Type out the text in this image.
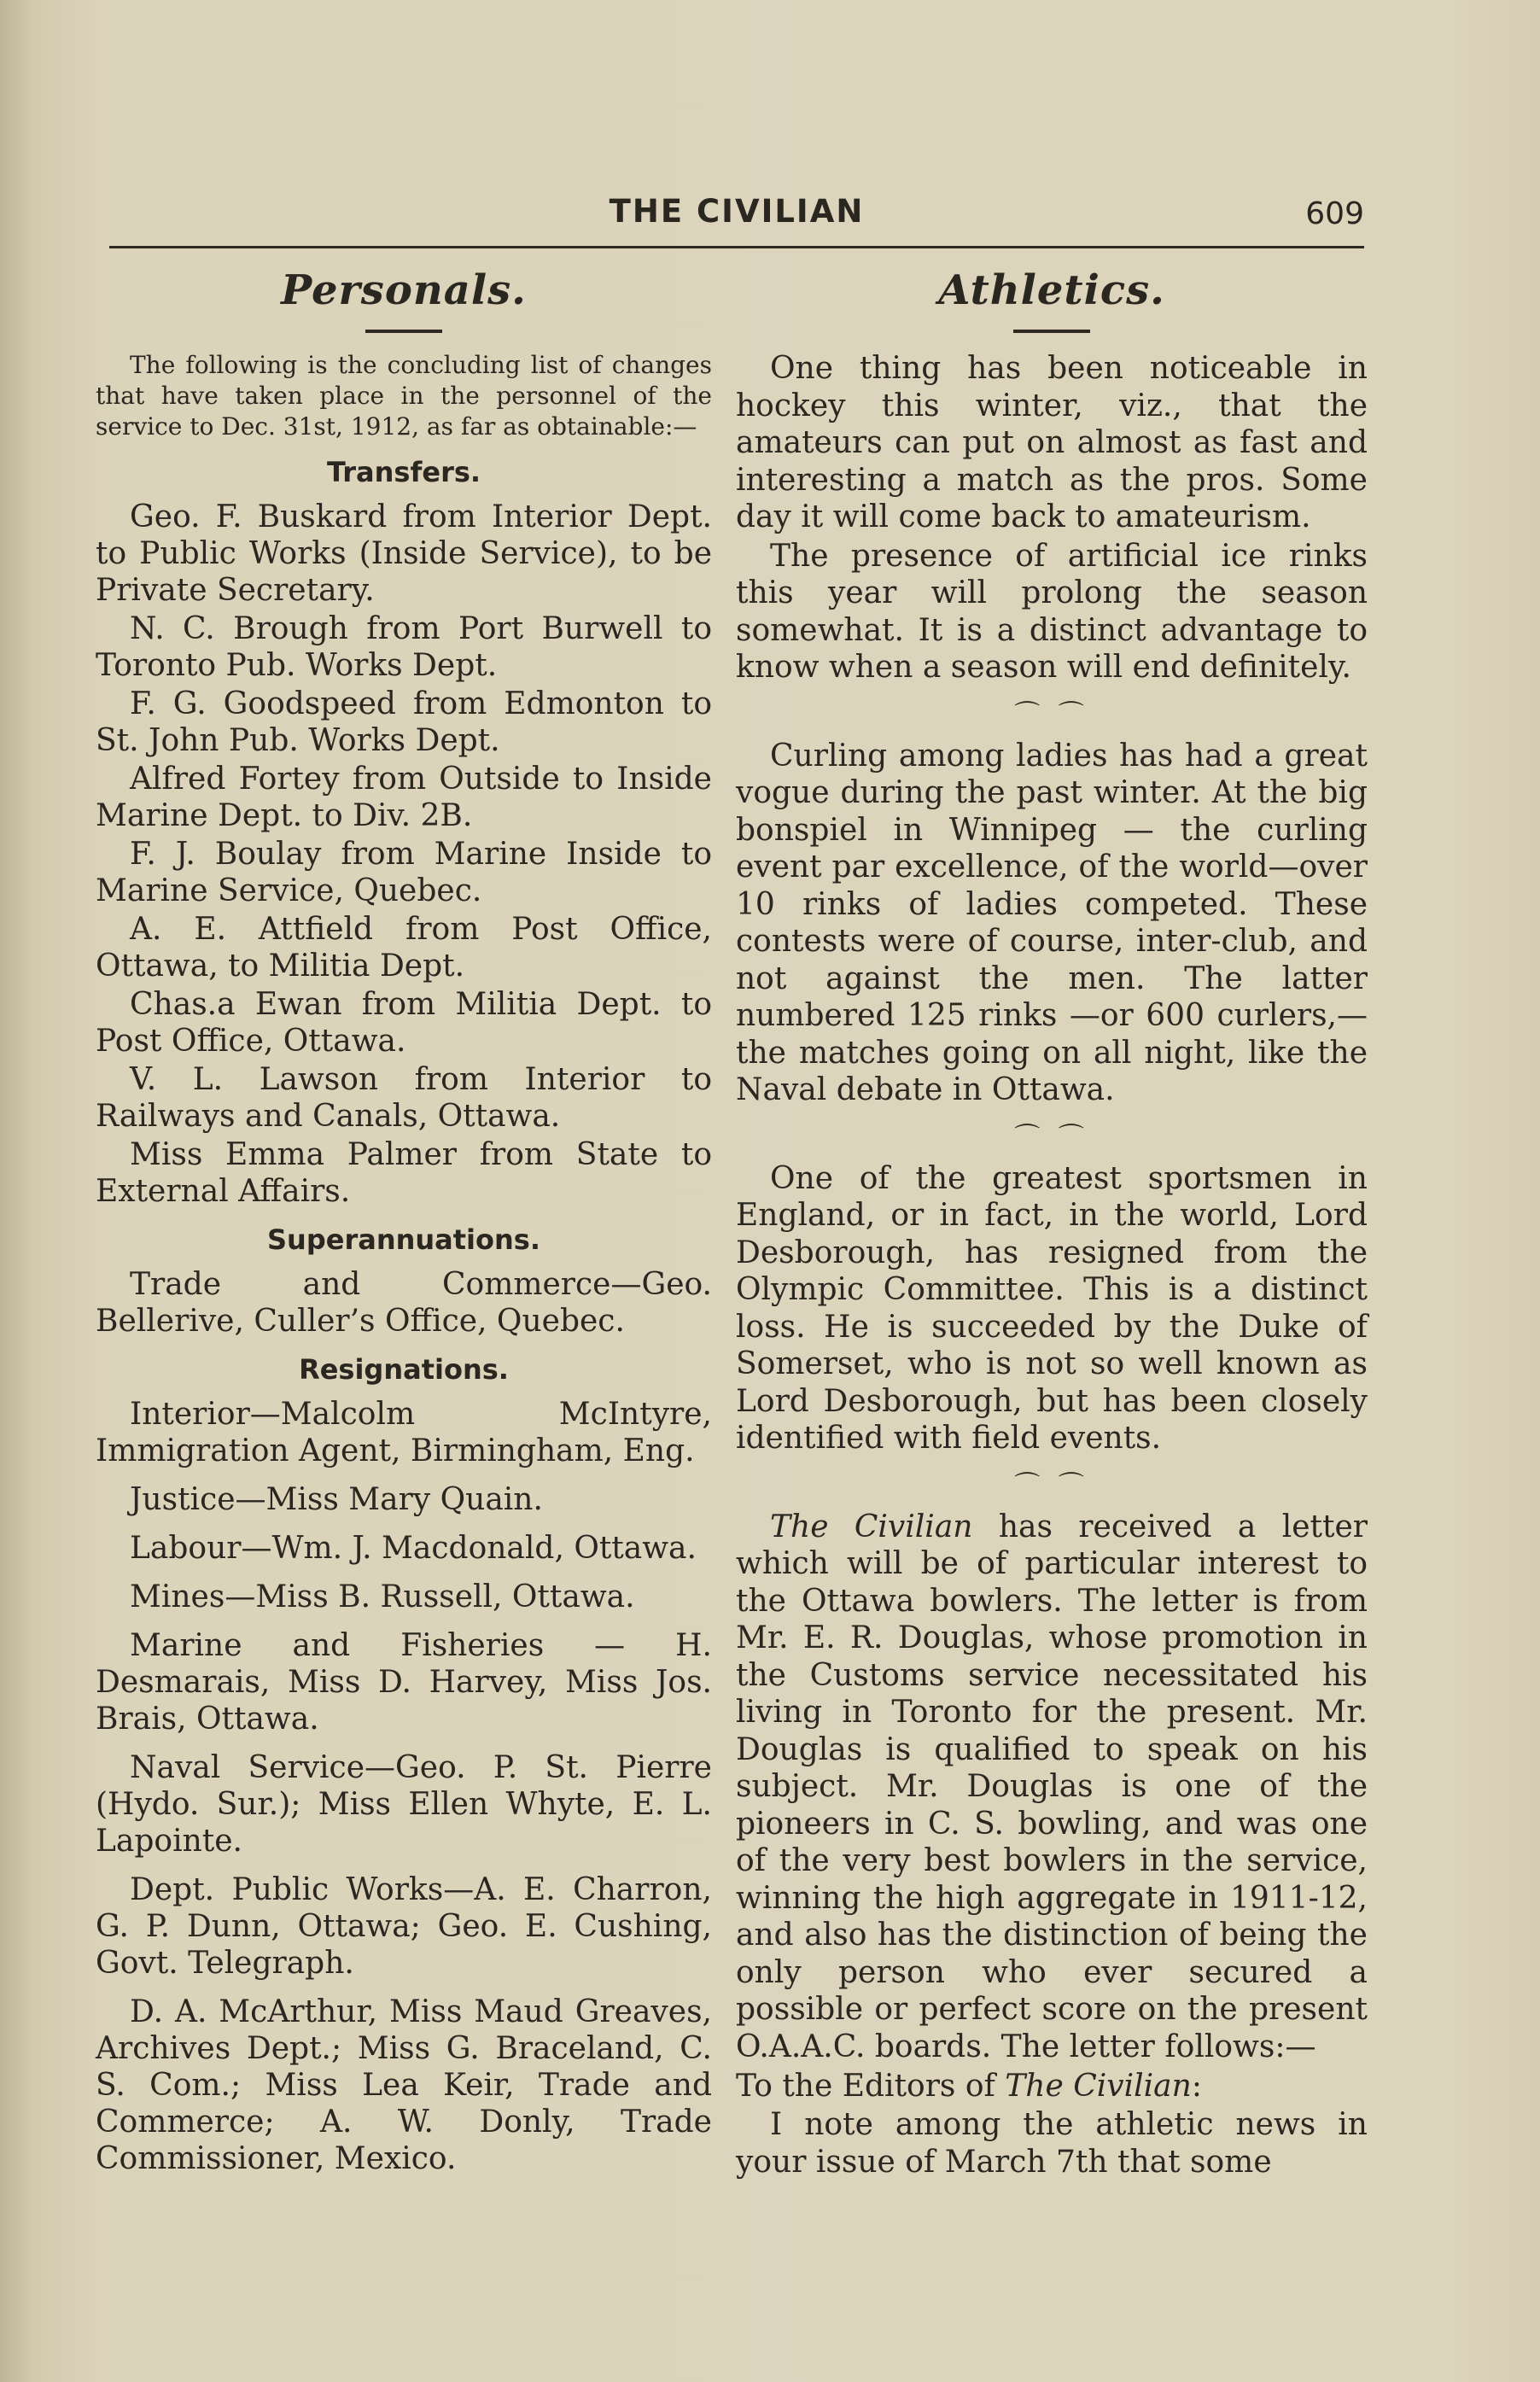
THE CIVILIAN	609
Personals.

The following is the concluding list of changes that have taken place in the personnel of the service to Dec. 31st, 1912, as far as obtainable:—

Transfers.

Geo. F. Buskard from Interior Dept. to Public Works (Inside Service), to be Private Secretary.

N. C. Brough from Port Burwell to Toronto Pub. Works Dept.

F. G. Goodspeed from Edmonton to St. John Pub. Works Dept.

Alfred Fortey from Outside to Inside Marine Dept. to Div. 2B.

F. J. Boulay from Marine Inside to Marine Service, Quebec.

A. E. Attfield from Post Office, Ottawa, to Militia Dept.

Chas.a Ewan from Militia Dept. to Post Office, Ottawa.

V. L. Lawson from Interior to Railways and Canals, Ottawa.

Miss Emma Palmer from State to External Affairs.

Superannuations.

Trade and Commerce—Geo. Bellerive, Culler’s Office, Quebec.

Resignations.

Interior—Malcolm McIntyre, Immigration Agent, Birmingham, Eng.

Justice—Miss Mary Quain.

Labour—Wm. J. Macdonald, Ottawa.

Mines—Miss B. Russell, Ottawa.

Marine and Fisheries — H. Desmarais, Miss D. Harvey, Miss Jos. Brais, Ottawa.

Naval Service—Geo. P. St. Pierre (Hydo. Sur.); Miss Ellen Whyte, E. L. Lapointe.

Dept. Public Works—A. E. Charron, G. P. Dunn, Ottawa; Geo. E. Cushing, Govt. Telegraph.

D. A. McArthur, Miss Maud Greaves, Archives Dept.; Miss G. Braceland, C. S. Com.; Miss Lea Keir, Trade and Commerce; A. W. Donly, Trade Commissioner, Mexico.

Athletics.

One thing has been noticeable in hockey this winter, viz., that the amateurs can put on almost as fast and interesting a match as the pros. Some day it will come back to amateurism.

The presence of artificial ice rinks this year will prolong the season somewhat. It is a distinct advantage to know when a season will end definitely.

⌒ ⌒

Curling among ladies has had a great vogue during the past winter. At the big bonspiel in Winnipeg — the curling event par excellence, of the world—over 10 rinks of ladies competed. These contests were of course, inter-club, and not against the men. The latter numbered 125 rinks —or 600 curlers,—the matches going on all night, like the Naval debate in Ottawa.

⌒ ⌒

One of the greatest sportsmen in England, or in fact, in the world, Lord Desborough, has resigned from the Olympic Committee. This is a distinct loss. He is succeeded by the Duke of Somerset, who is not so well known as Lord Desborough, but has been closely identified with field events.

⌒ ⌒

The Civilian has received a letter which will be of particular interest to the Ottawa bowlers. The letter is from Mr. E. R. Douglas, whose promotion in the Customs service necessitated his living in Toronto for the present. Mr. Douglas is qualified to speak on his subject. Mr. Douglas is one of the pioneers in C. S. bowling, and was one of the very best bowlers in the service, winning the high aggregate in 1911-12, and also has the distinction of being the only person who ever secured a possible or perfect score on the present O.A.A.C. boards. The letter follows:—

To the Editors of The Civilian:

I note among the athletic news in your issue of March 7th that some
